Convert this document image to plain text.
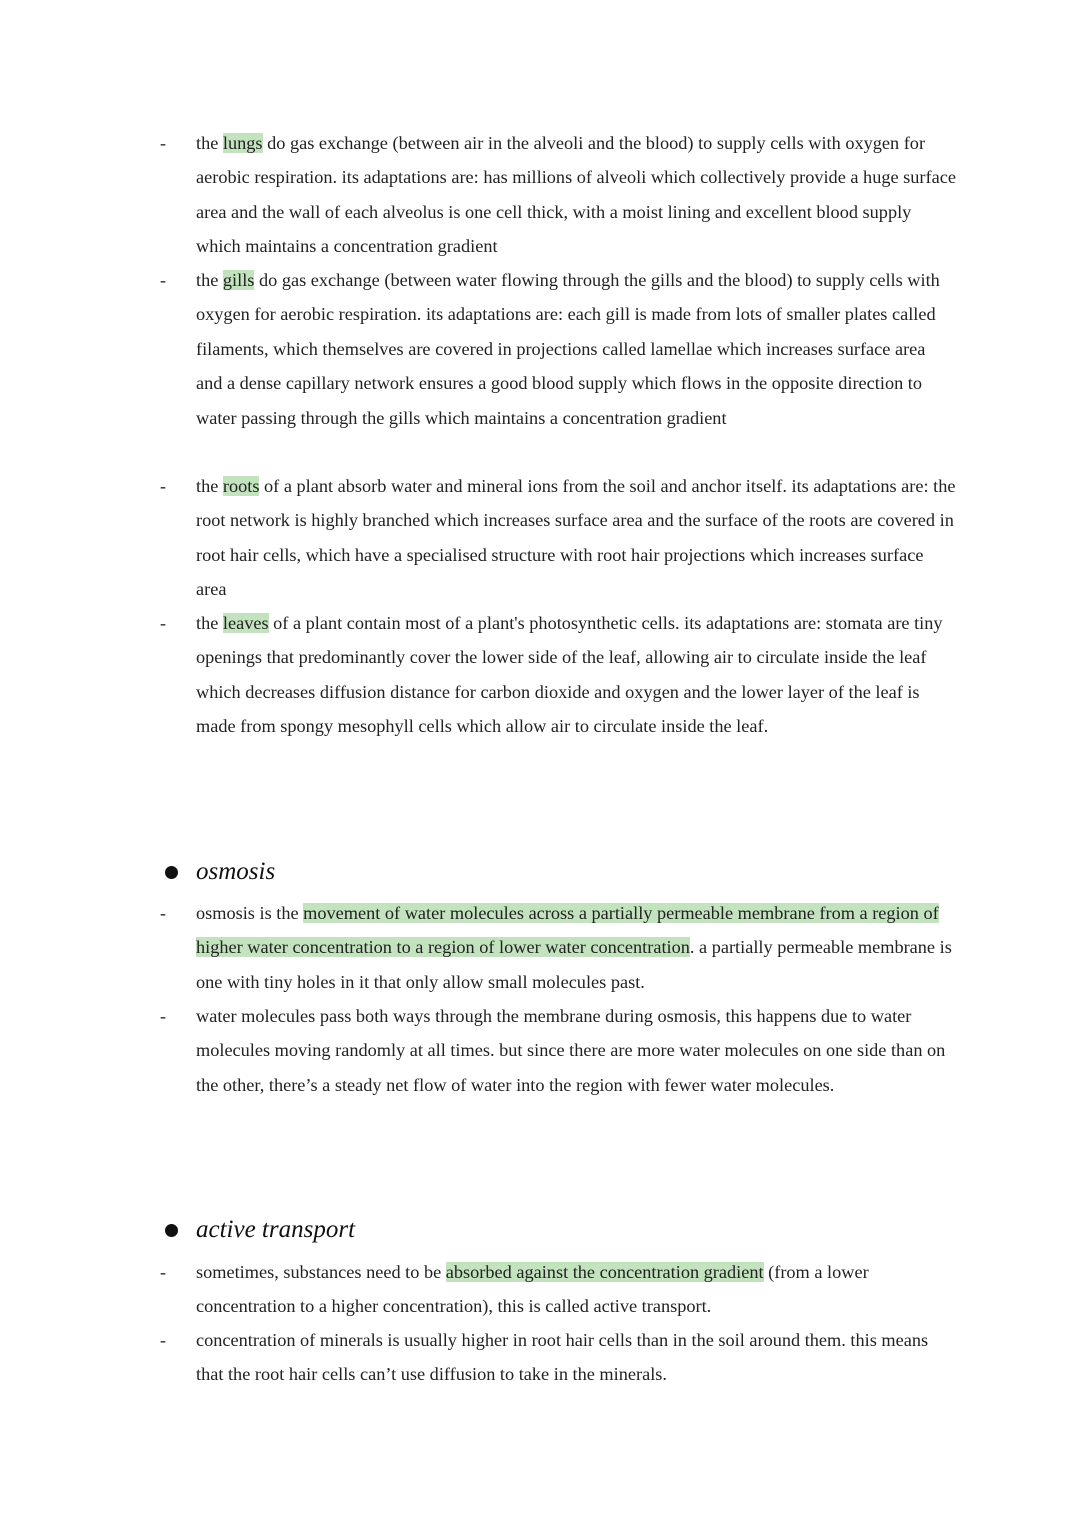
- the lungs do gas exchange (between air in the alveoli and the blood) to supply cells with oxygen for aerobic respiration. its adaptations are: has millions of alveoli which collectively provide a huge surface area and the wall of each alveolus is one cell thick, with a moist lining and excellent blood supply which maintains a concentration gradient

- the gills do gas exchange (between water flowing through the gills and the blood) to supply cells with oxygen for aerobic respiration. its adaptations are: each gill is made from lots of smaller plates called filaments, which themselves are covered in projections called lamellae which increases surface area and a dense capillary network ensures a good blood supply which flows in the opposite direction to water passing through the gills which maintains a concentration gradient

- the roots of a plant absorb water and mineral ions from the soil and anchor itself. its adaptations are: the root network is highly branched which increases surface area and the surface of the roots are covered in root hair cells, which have a specialised structure with root hair projections which increases surface area

- the leaves of a plant contain most of a plant's photosynthetic cells. its adaptations are: stomata are tiny openings that predominantly cover the lower side of the leaf, allowing air to circulate inside the leaf which decreases diffusion distance for carbon dioxide and oxygen and the lower layer of the leaf is made from spongy mesophyll cells which allow air to circulate inside the leaf.

osmosis
- osmosis is the movement of water molecules across a partially permeable membrane from a region of higher water concentration to a region of lower water concentration. a partially permeable membrane is one with tiny holes in it that only allow small molecules past.

- water molecules pass both ways through the membrane during osmosis, this happens due to water molecules moving randomly at all times. but since there are more water molecules on one side than on the other, there’s a steady net flow of water into the region with fewer water molecules.

active transport
- sometimes, substances need to be absorbed against the concentration gradient (from a lower concentration to a higher concentration), this is called active transport.

- concentration of minerals is usually higher in root hair cells than in the soil around them. this means that the root hair cells can’t use diffusion to take in the minerals.
